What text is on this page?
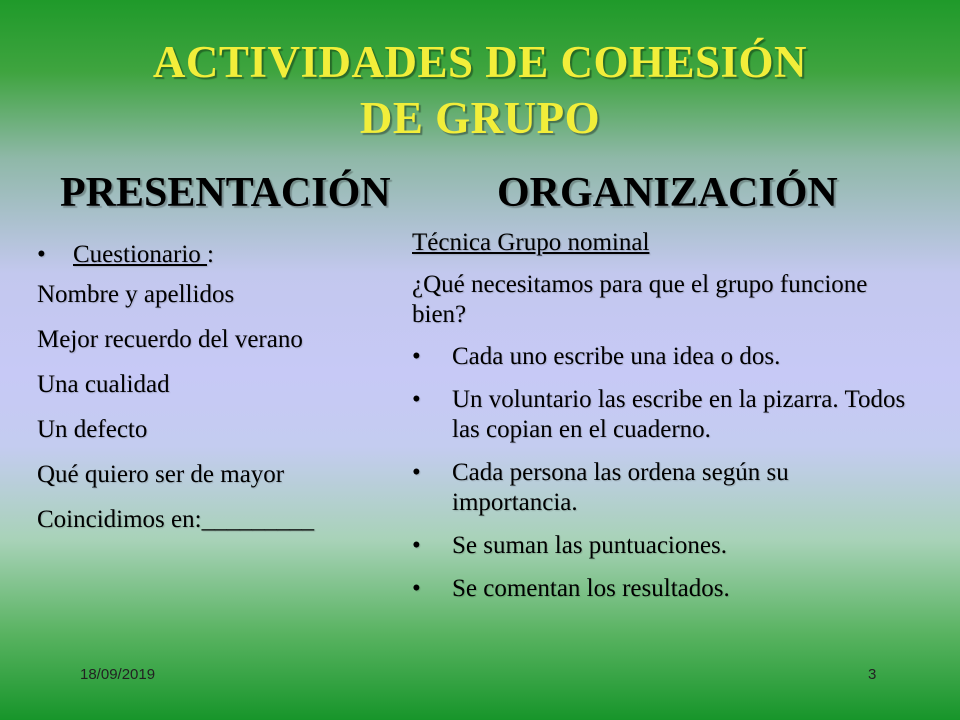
ACTIVIDADES DE COHESIÓN
DE GRUPO
PRESENTACIÓN	ORGANIZACIÓN
• Cuestionario :

Nombre y apellidos

Mejor recuerdo del verano

Una cualidad

Un defecto

Qué quiero ser de mayor

Coincidimos en:_________

Técnica Grupo nominal

¿Qué necesitamos para que el grupo funcione bien?

• Cada uno escribe una idea o dos.
• Un voluntario las escribe en la pizarra. Todos las copian en el cuaderno.
• Cada persona las ordena según su importancia.
• Se suman las puntuaciones.
• Se comentan los resultados.
18/09/2019	3
